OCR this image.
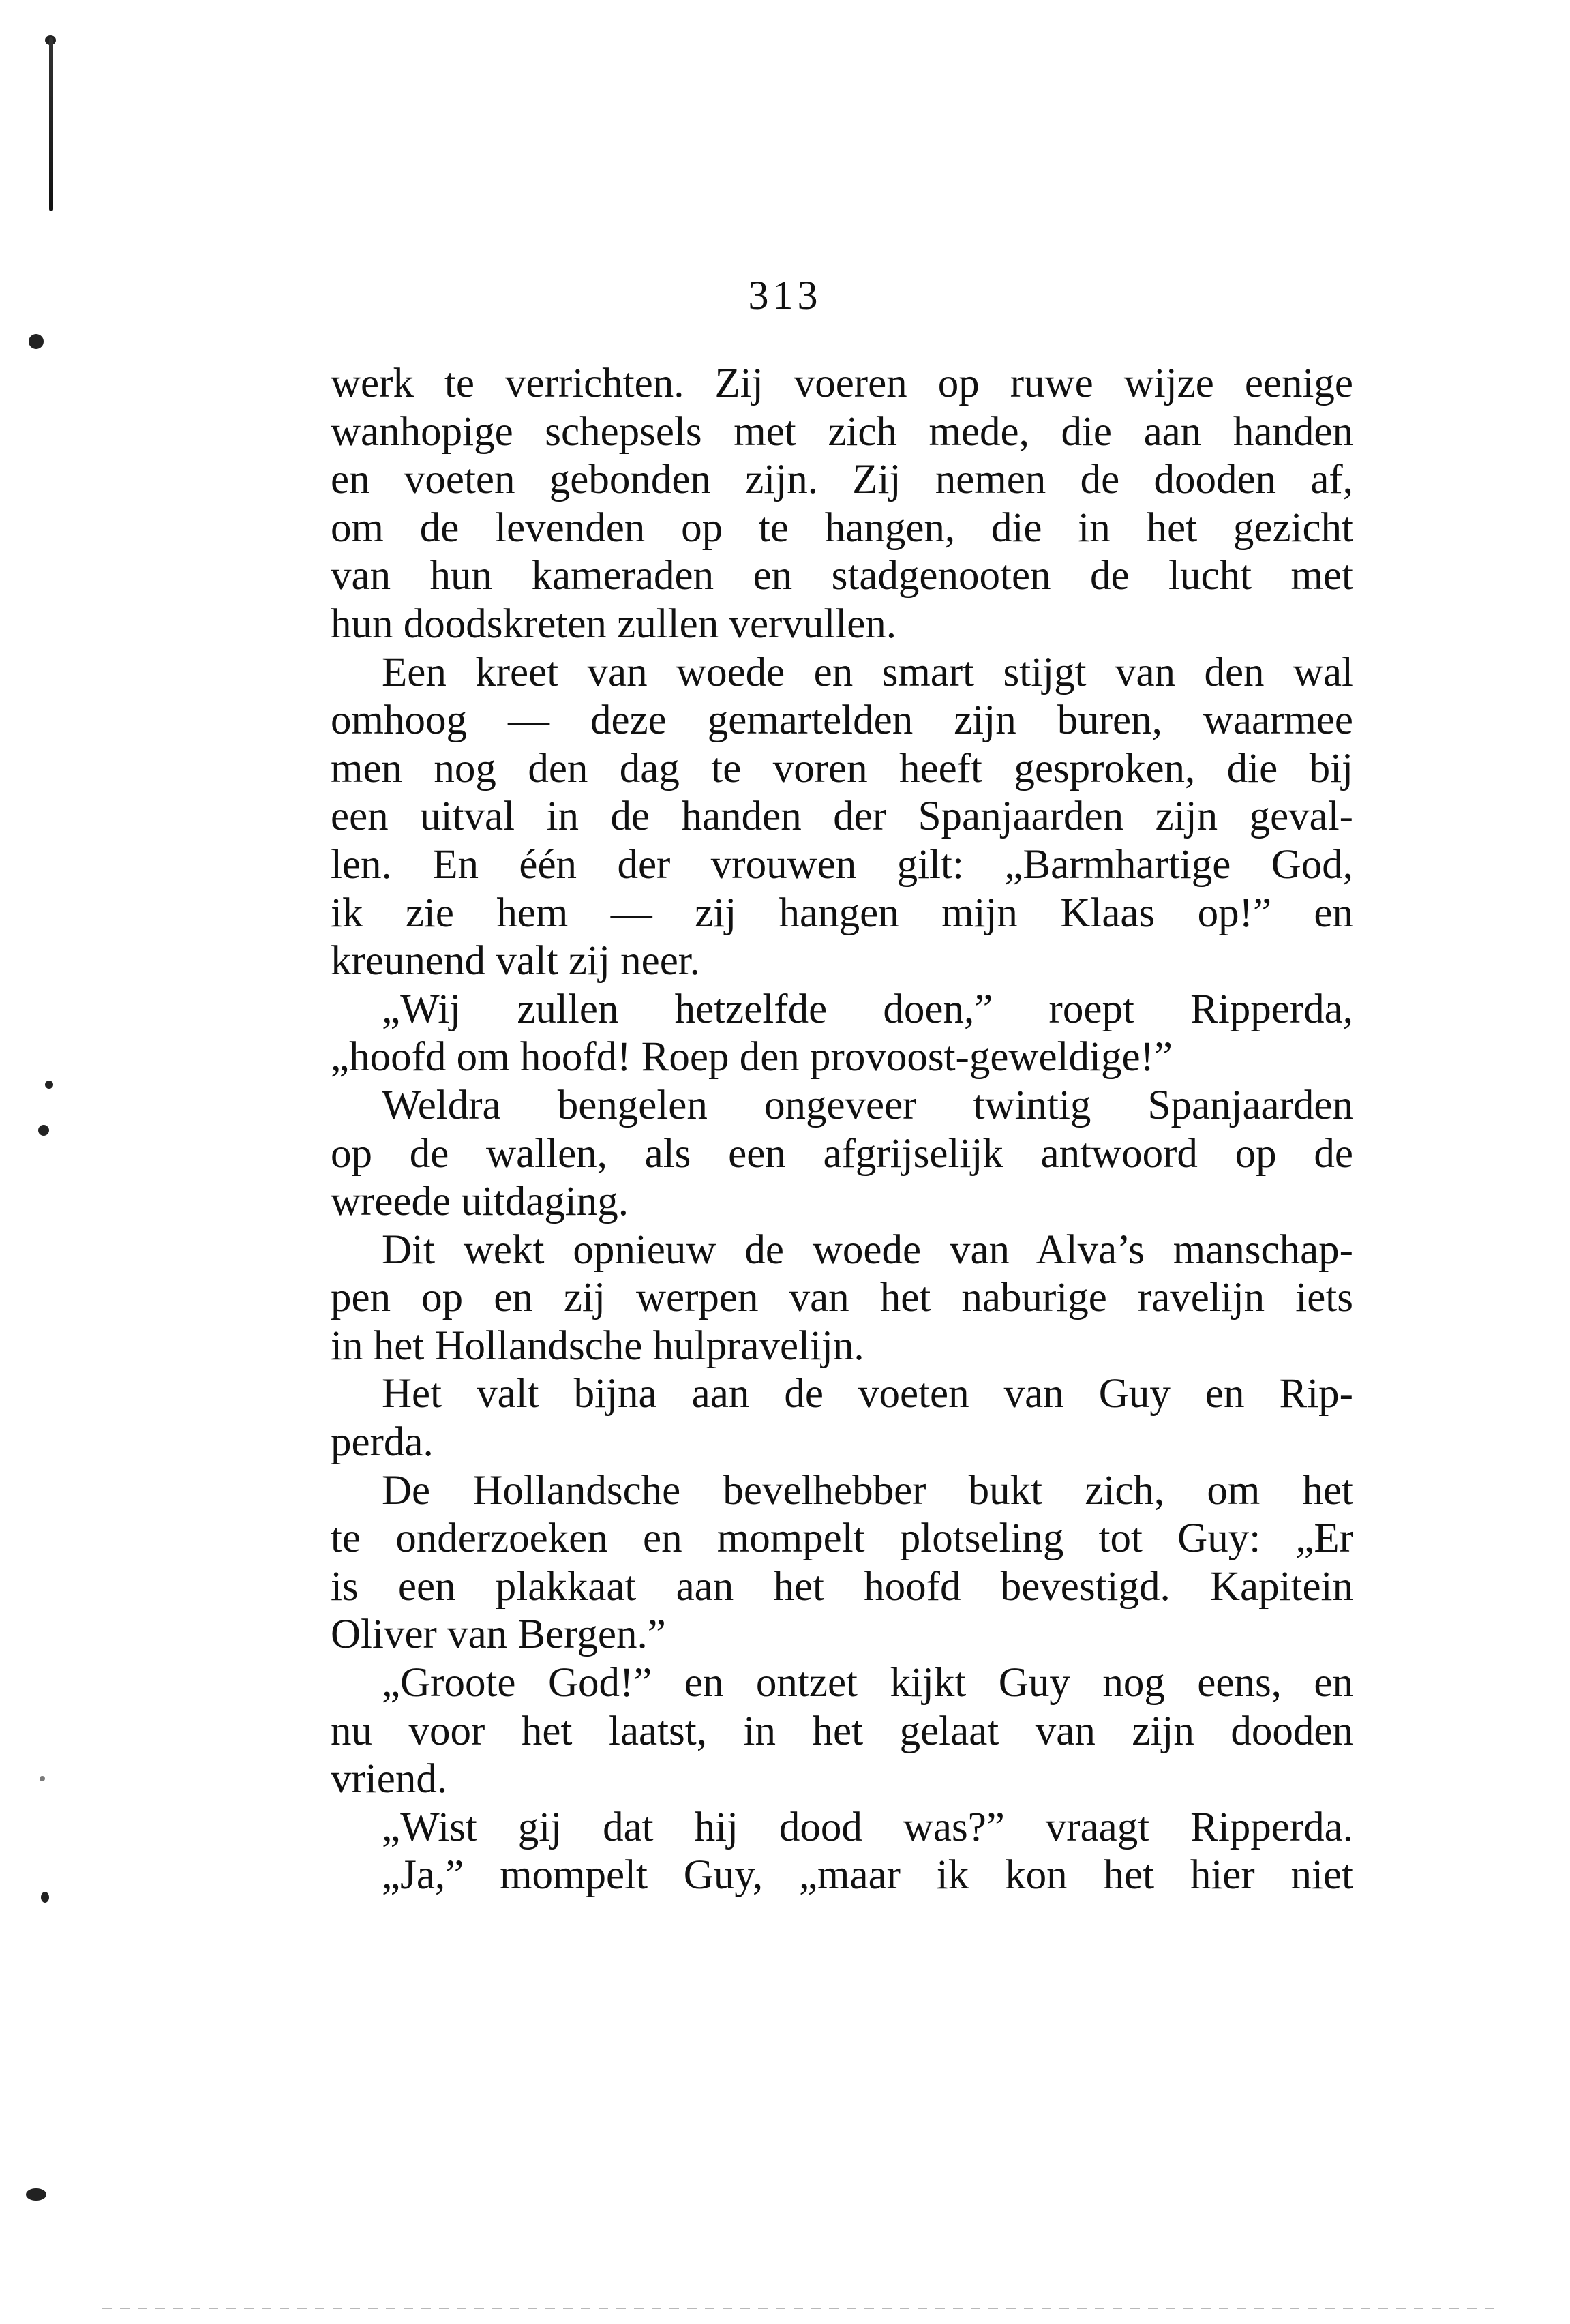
313
werk te verrichten. Zij voeren op ruwe wijze eenige
wanhopige schepsels met zich mede, die aan handen
en voeten gebonden zijn. Zij nemen de dooden af,
om de levenden op te hangen, die in het gezicht
van hun kameraden en stadgenooten de lucht met
hun doodskreten zullen vervullen.
Een kreet van woede en smart stijgt van den wal
omhoog — deze gemartelden zijn buren, waarmee
men nog den dag te voren heeft gesproken, die bij
een uitval in de handen der Spanjaarden zijn geval-
len. En één der vrouwen gilt: „Barmhartige God,
ik zie hem — zij hangen mijn Klaas op!” en
kreunend valt zij neer.
„Wij zullen hetzelfde doen,” roept Ripperda,
„hoofd om hoofd! Roep den provoost-geweldige!”
Weldra bengelen ongeveer twintig Spanjaarden
op de wallen, als een afgrijselijk antwoord op de
wreede uitdaging.
Dit wekt opnieuw de woede van Alva’s manschap-
pen op en zij werpen van het naburige ravelijn iets
in het Hollandsche hulpravelijn.
Het valt bijna aan de voeten van Guy en Rip-
perda.
De Hollandsche bevelhebber bukt zich, om het
te onderzoeken en mompelt plotseling tot Guy: „Er
is een plakkaat aan het hoofd bevestigd. Kapitein
Oliver van Bergen.”
„Groote God!” en ontzet kijkt Guy nog eens, en
nu voor het laatst, in het gelaat van zijn dooden
vriend.
„Wist gij dat hij dood was?” vraagt Ripperda.
„Ja,” mompelt Guy, „maar ik kon het hier niet
